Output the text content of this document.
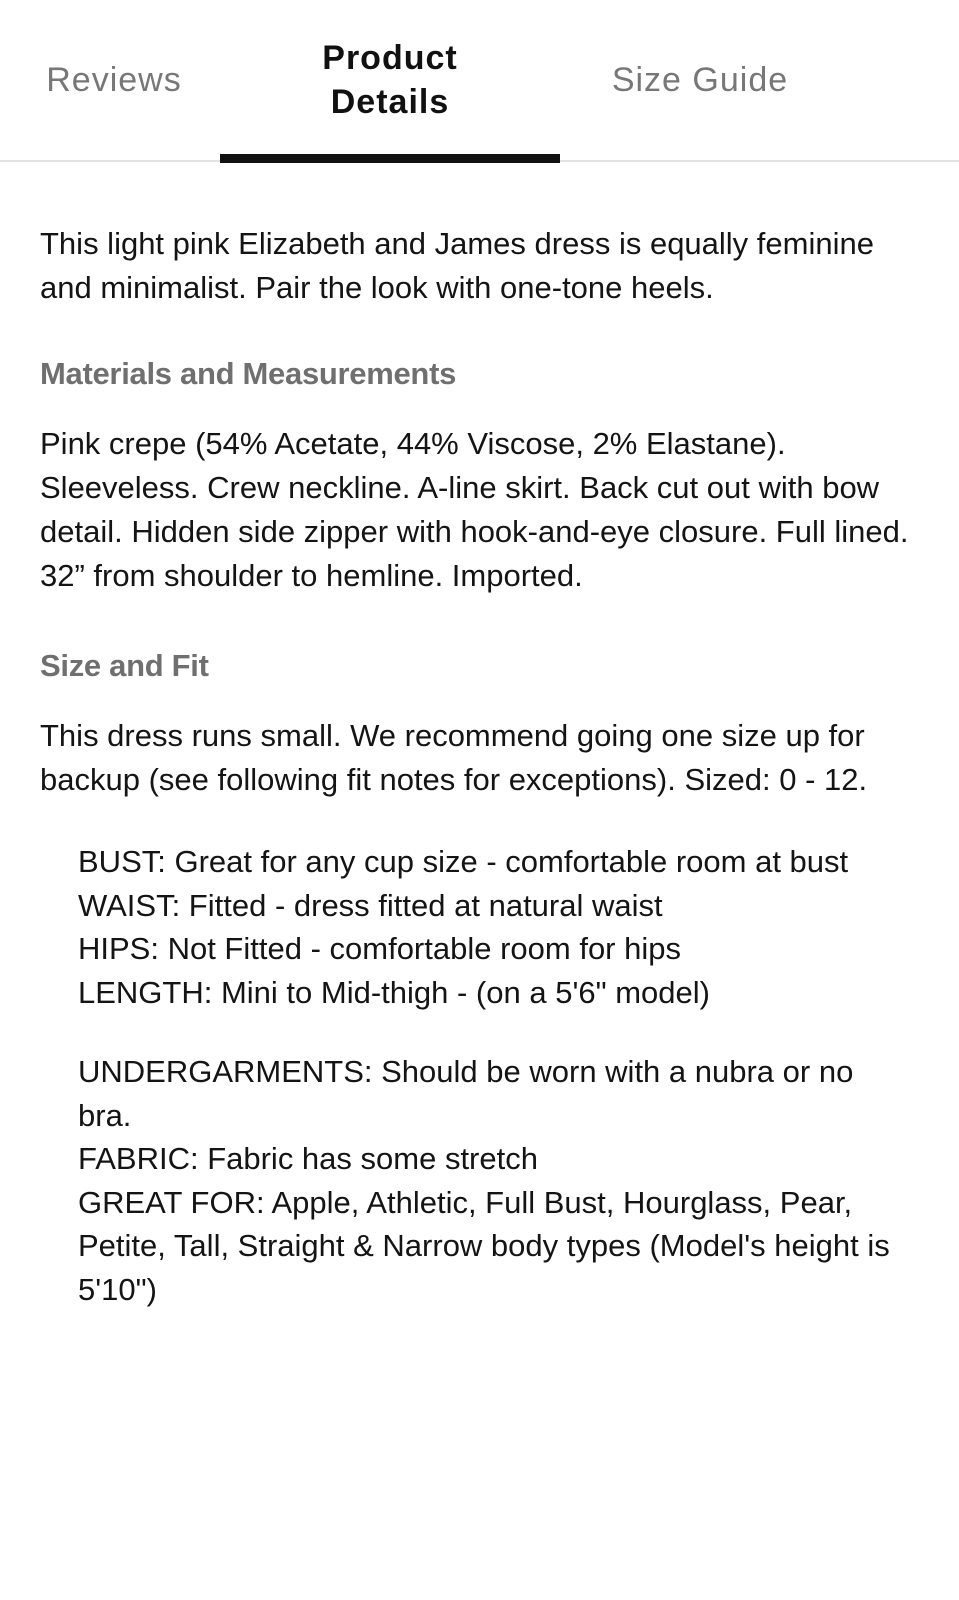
Reviews
Product
Details
Size Guide

This light pink Elizabeth and James dress is equally feminine and minimalist. Pair the look with one-tone heels.

Materials and Measurements

Pink crepe (54% Acetate, 44% Viscose, 2% Elastane). Sleeveless. Crew neckline. A-line skirt. Back cut out with bow detail. Hidden side zipper with hook-and-eye closure. Full lined. 32” from shoulder to hemline. Imported.

Size and Fit

This dress runs small. We recommend going one size up for backup (see following fit notes for exceptions). Sized: 0 - 12.

BUST: Great for any cup size - comfortable room at bust

WAIST: Fitted - dress fitted at natural waist

HIPS: Not Fitted - comfortable room for hips

LENGTH: Mini to Mid-thigh - (on a 5'6" model)

UNDERGARMENTS: Should be worn with a nubra or no bra.

FABRIC: Fabric has some stretch

GREAT FOR: Apple, Athletic, Full Bust, Hourglass, Pear, Petite, Tall, Straight & Narrow body types (Model's height is 5'10")
